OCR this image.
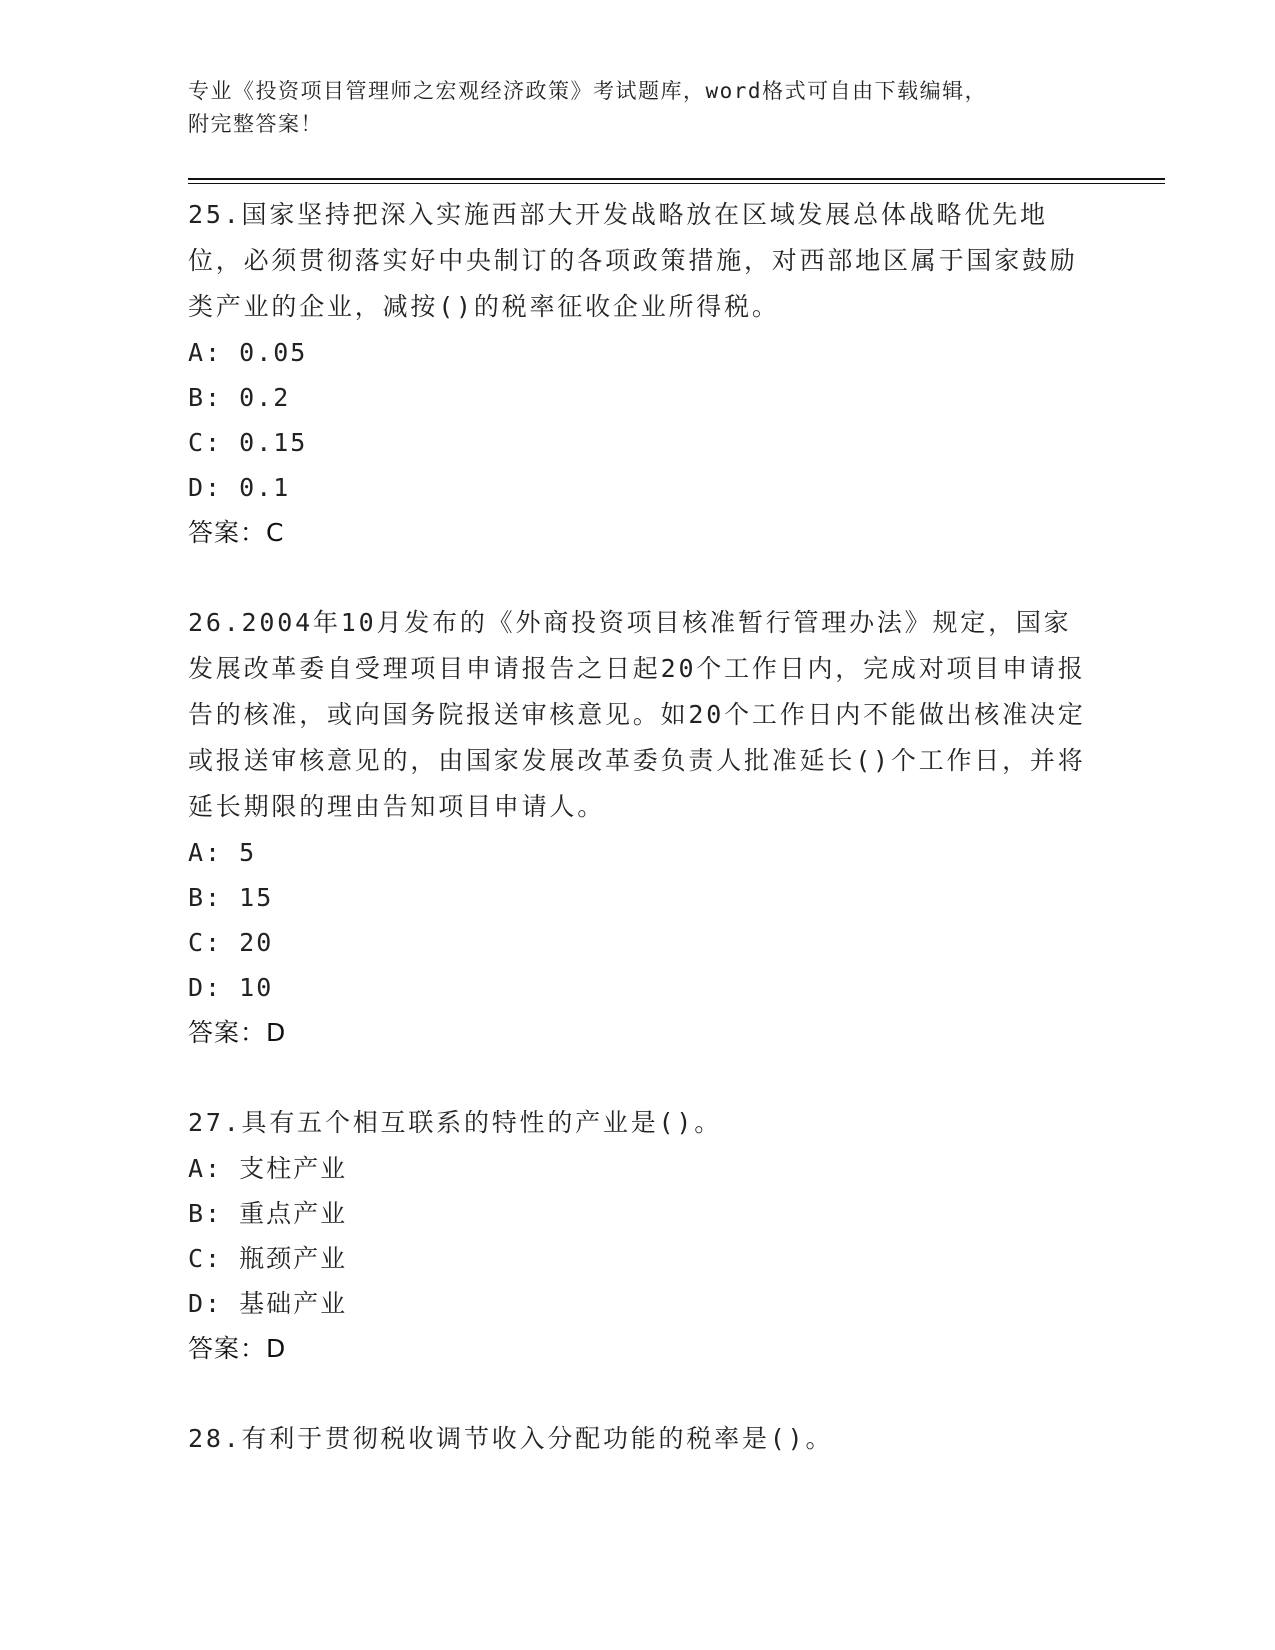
专业《投资项目管理师之宏观经济政策》考试题库，word格式可自由下载编辑，
附完整答案！
25.国家坚持把深入实施西部大开发战略放在区域发展总体战略优先地位，必须贯彻落实好中央制订的各项政策措施，对西部地区属于国家鼓励类产业的企业，减按()的税率征收企业所得税。
A: 0.05
B: 0.2
C: 0.15
D: 0.1
答案：C
26.2004年10月发布的《外商投资项目核准暂行管理办法》规定，国家发展改革委自受理项目申请报告之日起20个工作日内，完成对项目申请报告的核准，或向国务院报送审核意见。如20个工作日内不能做出核准决定或报送审核意见的，由国家发展改革委负责人批准延长()个工作日，并将延长期限的理由告知项目申请人。
A: 5
B: 15
C: 20
D: 10
答案：D
27.具有五个相互联系的特性的产业是()。
A: 支柱产业
B: 重点产业
C: 瓶颈产业
D: 基础产业
答案：D
28.有利于贯彻税收调节收入分配功能的税率是()。
